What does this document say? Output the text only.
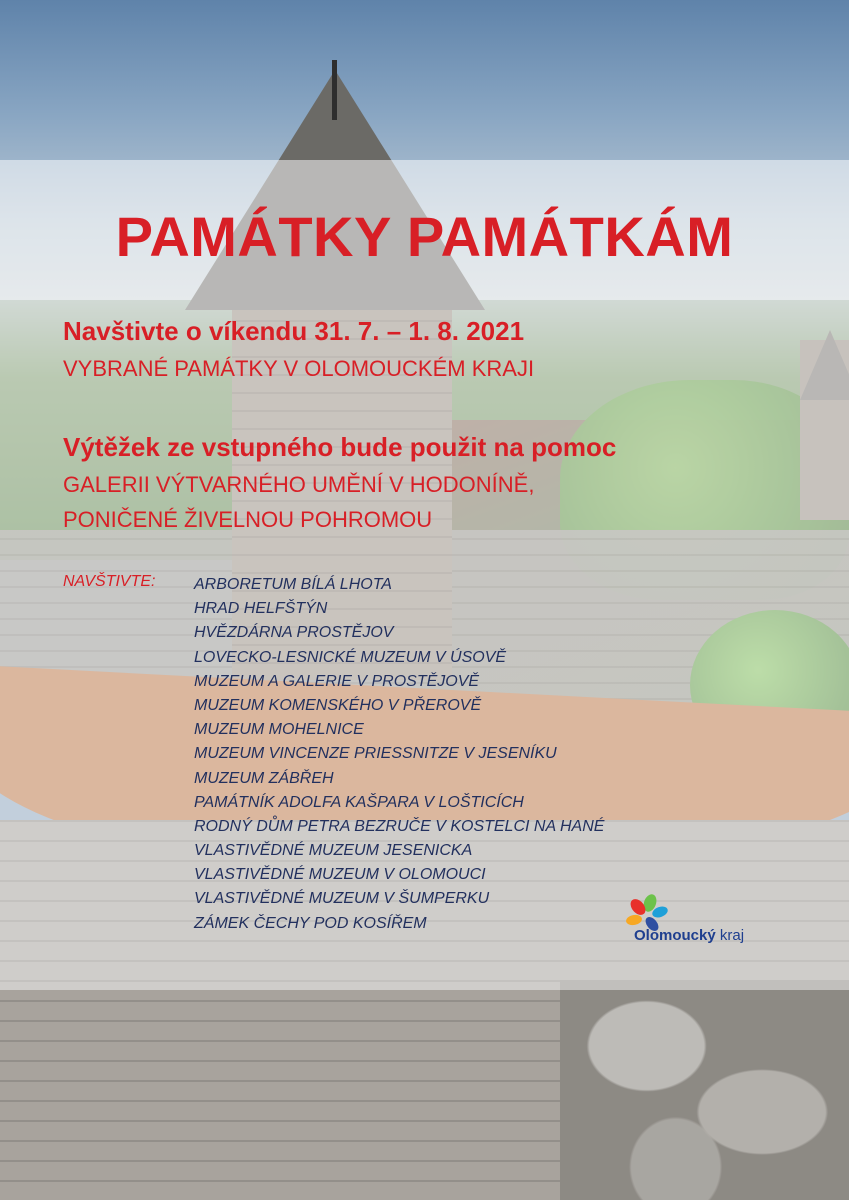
PAMÁTKY PAMÁTKÁM

Navštivte o víkendu 31. 7. – 1. 8. 2021

VYBRANÉ PAMÁTKY V OLOMOUCKÉM KRAJI

Výtěžek ze vstupného bude použit na pomoc

GALERII VÝTVARNÉHO UMĚNÍ V HODONÍNĚ,

PONIČENÉ ŽIVELNOU POHROMOU

NAVŠTIVTE: ARBORETUM BÍLÁ LHOTA
HRAD HELFŠTÝN
HVĚZDÁRNA PROSTĚJOV
LOVECKO-LESNICKÉ MUZEUM V ÚSOVĚ
MUZEUM A GALERIE V PROSTĚJOVĚ
MUZEUM KOMENSKÉHO V PŘEROVĚ
MUZEUM MOHELNICE
MUZEUM VINCENZE PRIESSNITZE V JESENÍKU
MUZEUM ZÁBŘEH
PAMÁTNÍK ADOLFA KAŠPARA V LOŠTICÍCH
RODNÝ DŮM PETRA BEZRUČE V KOSTELCI NA HANÉ
VLASTIVĚDNÉ MUZEUM JESENICKA
VLASTIVĚDNÉ MUZEUM V OLOMOUCI
VLASTIVĚDNÉ MUZEUM V ŠUMPERKU
ZÁMEK ČECHY POD KOSÍŘEM
Olomoucký kraj
